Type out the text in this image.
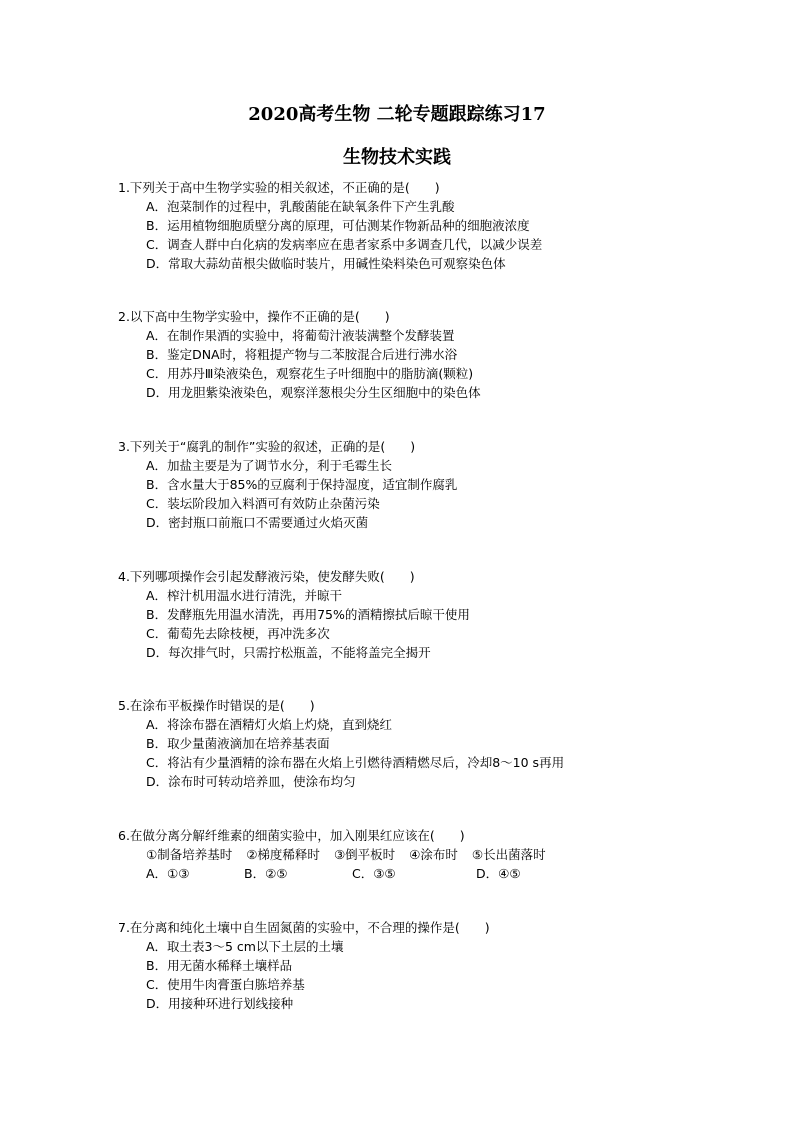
2020高考生物 二轮专题跟踪练习17
生物技术实践
1.下列关于高中生物学实验的相关叙述，不正确的是(　　)
A．泡菜制作的过程中，乳酸菌能在缺氧条件下产生乳酸
B．运用植物细胞质壁分离的原理，可估测某作物新品种的细胞液浓度
C．调查人群中白化病的发病率应在患者家系中多调查几代，以减少误差
D．常取大蒜幼苗根尖做临时装片，用碱性染料染色可观察染色体
2.以下高中生物学实验中，操作不正确的是(　　)
A．在制作果酒的实验中，将葡萄汁液装满整个发酵装置
B．鉴定DNA时，将粗提产物与二苯胺混合后进行沸水浴
C．用苏丹Ⅲ染液染色，观察花生子叶细胞中的脂肪滴(颗粒)
D．用龙胆紫染液染色，观察洋葱根尖分生区细胞中的染色体
3.下列关于“腐乳的制作”实验的叙述，正确的是(　　)
A．加盐主要是为了调节水分，利于毛霉生长
B．含水量大于85%的豆腐利于保持湿度，适宜制作腐乳
C．装坛阶段加入料酒可有效防止杂菌污染
D．密封瓶口前瓶口不需要通过火焰灭菌
4.下列哪项操作会引起发酵液污染，使发酵失败(　　)
A．榨汁机用温水进行清洗，并晾干
B．发酵瓶先用温水清洗，再用75%的酒精擦拭后晾干使用
C．葡萄先去除枝梗，再冲洗多次
D．每次排气时，只需拧松瓶盖，不能将盖完全揭开
5.在涂布平板操作时错误的是(　　)
A．将涂布器在酒精灯火焰上灼烧，直到烧红
B．取少量菌液滴加在培养基表面
C．将沾有少量酒精的涂布器在火焰上引燃待酒精燃尽后，冷却8～10 s再用
D．涂布时可转动培养皿，使涂布均匀
6.在做分离分解纤维素的细菌实验中，加入刚果红应该在(　　)
①制备培养基时 ②梯度稀释时 ③倒平板时 ④涂布时 ⑤长出菌落时
A．①③	B．②⑤	C．③⑤	D．④⑤
7.在分离和纯化土壤中自生固氮菌的实验中，不合理的操作是(　　)
A．取土表3～5 cm以下土层的土壤
B．用无菌水稀释土壤样品
C．使用牛肉膏蛋白胨培养基
D．用接种环进行划线接种
